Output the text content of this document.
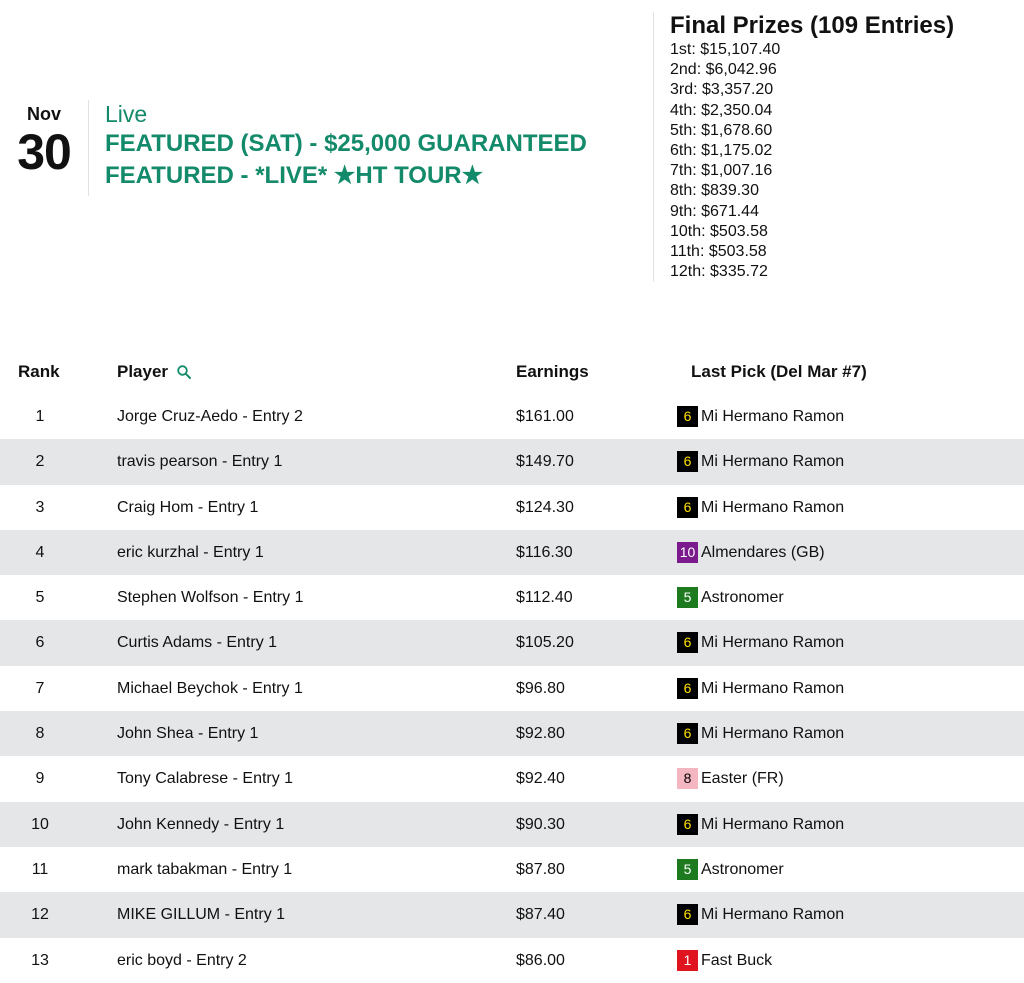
Nov
30
Live
FEATURED (SAT) - $25,000 GUARANTEED
FEATURED - *LIVE* ★HT TOUR★
Final Prizes (109 Entries)
1st: $15,107.40
2nd: $6,042.96
3rd: $3,357.20
4th: $2,350.04
5th: $1,678.60
6th: $1,175.02
7th: $1,007.16
8th: $839.30
9th: $671.44
10th: $503.58
11th: $503.58
12th: $335.72
Rank	Player	Earnings	Last Pick (Del Mar #7)
1	Jorge Cruz-Aedo - Entry 2	$161.00	6 Mi Hermano Ramon
2	travis pearson - Entry 1	$149.70	6 Mi Hermano Ramon
3	Craig Hom - Entry 1	$124.30	6 Mi Hermano Ramon
4	eric kurzhal - Entry 1	$116.30	10 Almendares (GB)
5	Stephen Wolfson - Entry 1	$112.40	5 Astronomer
6	Curtis Adams - Entry 1	$105.20	6 Mi Hermano Ramon
7	Michael Beychok - Entry 1	$96.80	6 Mi Hermano Ramon
8	John Shea - Entry 1	$92.80	6 Mi Hermano Ramon
9	Tony Calabrese - Entry 1	$92.40	8 Easter (FR)
10	John Kennedy - Entry 1	$90.30	6 Mi Hermano Ramon
11	mark tabakman - Entry 1	$87.80	5 Astronomer
12	MIKE GILLUM - Entry 1	$87.40	6 Mi Hermano Ramon
13	eric boyd - Entry 2	$86.00	1 Fast Buck
